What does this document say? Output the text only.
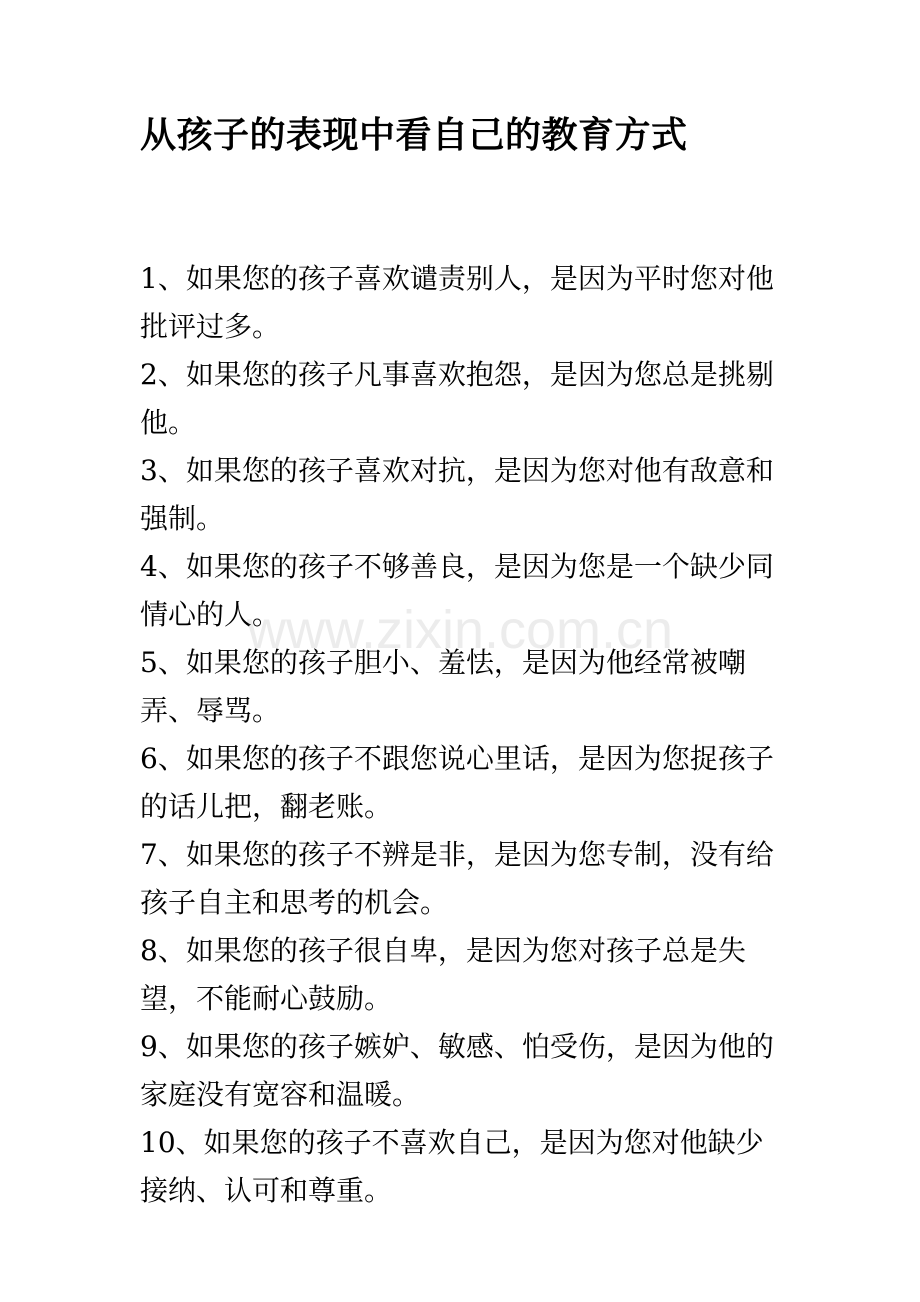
从孩子的表现中看自己的教育方式
1、如果您的孩子喜欢谴责别人，是因为平时您对他批评过多。
2、如果您的孩子凡事喜欢抱怨，是因为您总是挑剔他。
3、如果您的孩子喜欢对抗，是因为您对他有敌意和强制。
4、如果您的孩子不够善良，是因为您是一个缺少同情心的人。
5、如果您的孩子胆小、羞怯，是因为他经常被嘲弄、辱骂。
6、如果您的孩子不跟您说心里话，是因为您捉孩子的话儿把，翻老账。
7、如果您的孩子不辨是非，是因为您专制，没有给孩子自主和思考的机会。
8、如果您的孩子很自卑，是因为您对孩子总是失望，不能耐心鼓励。
9、如果您的孩子嫉妒、敏感、怕受伤，是因为他的家庭没有宽容和温暖。
10、如果您的孩子不喜欢自己，是因为您对他缺少接纳、认可和尊重。
www.zixin.com.cn
